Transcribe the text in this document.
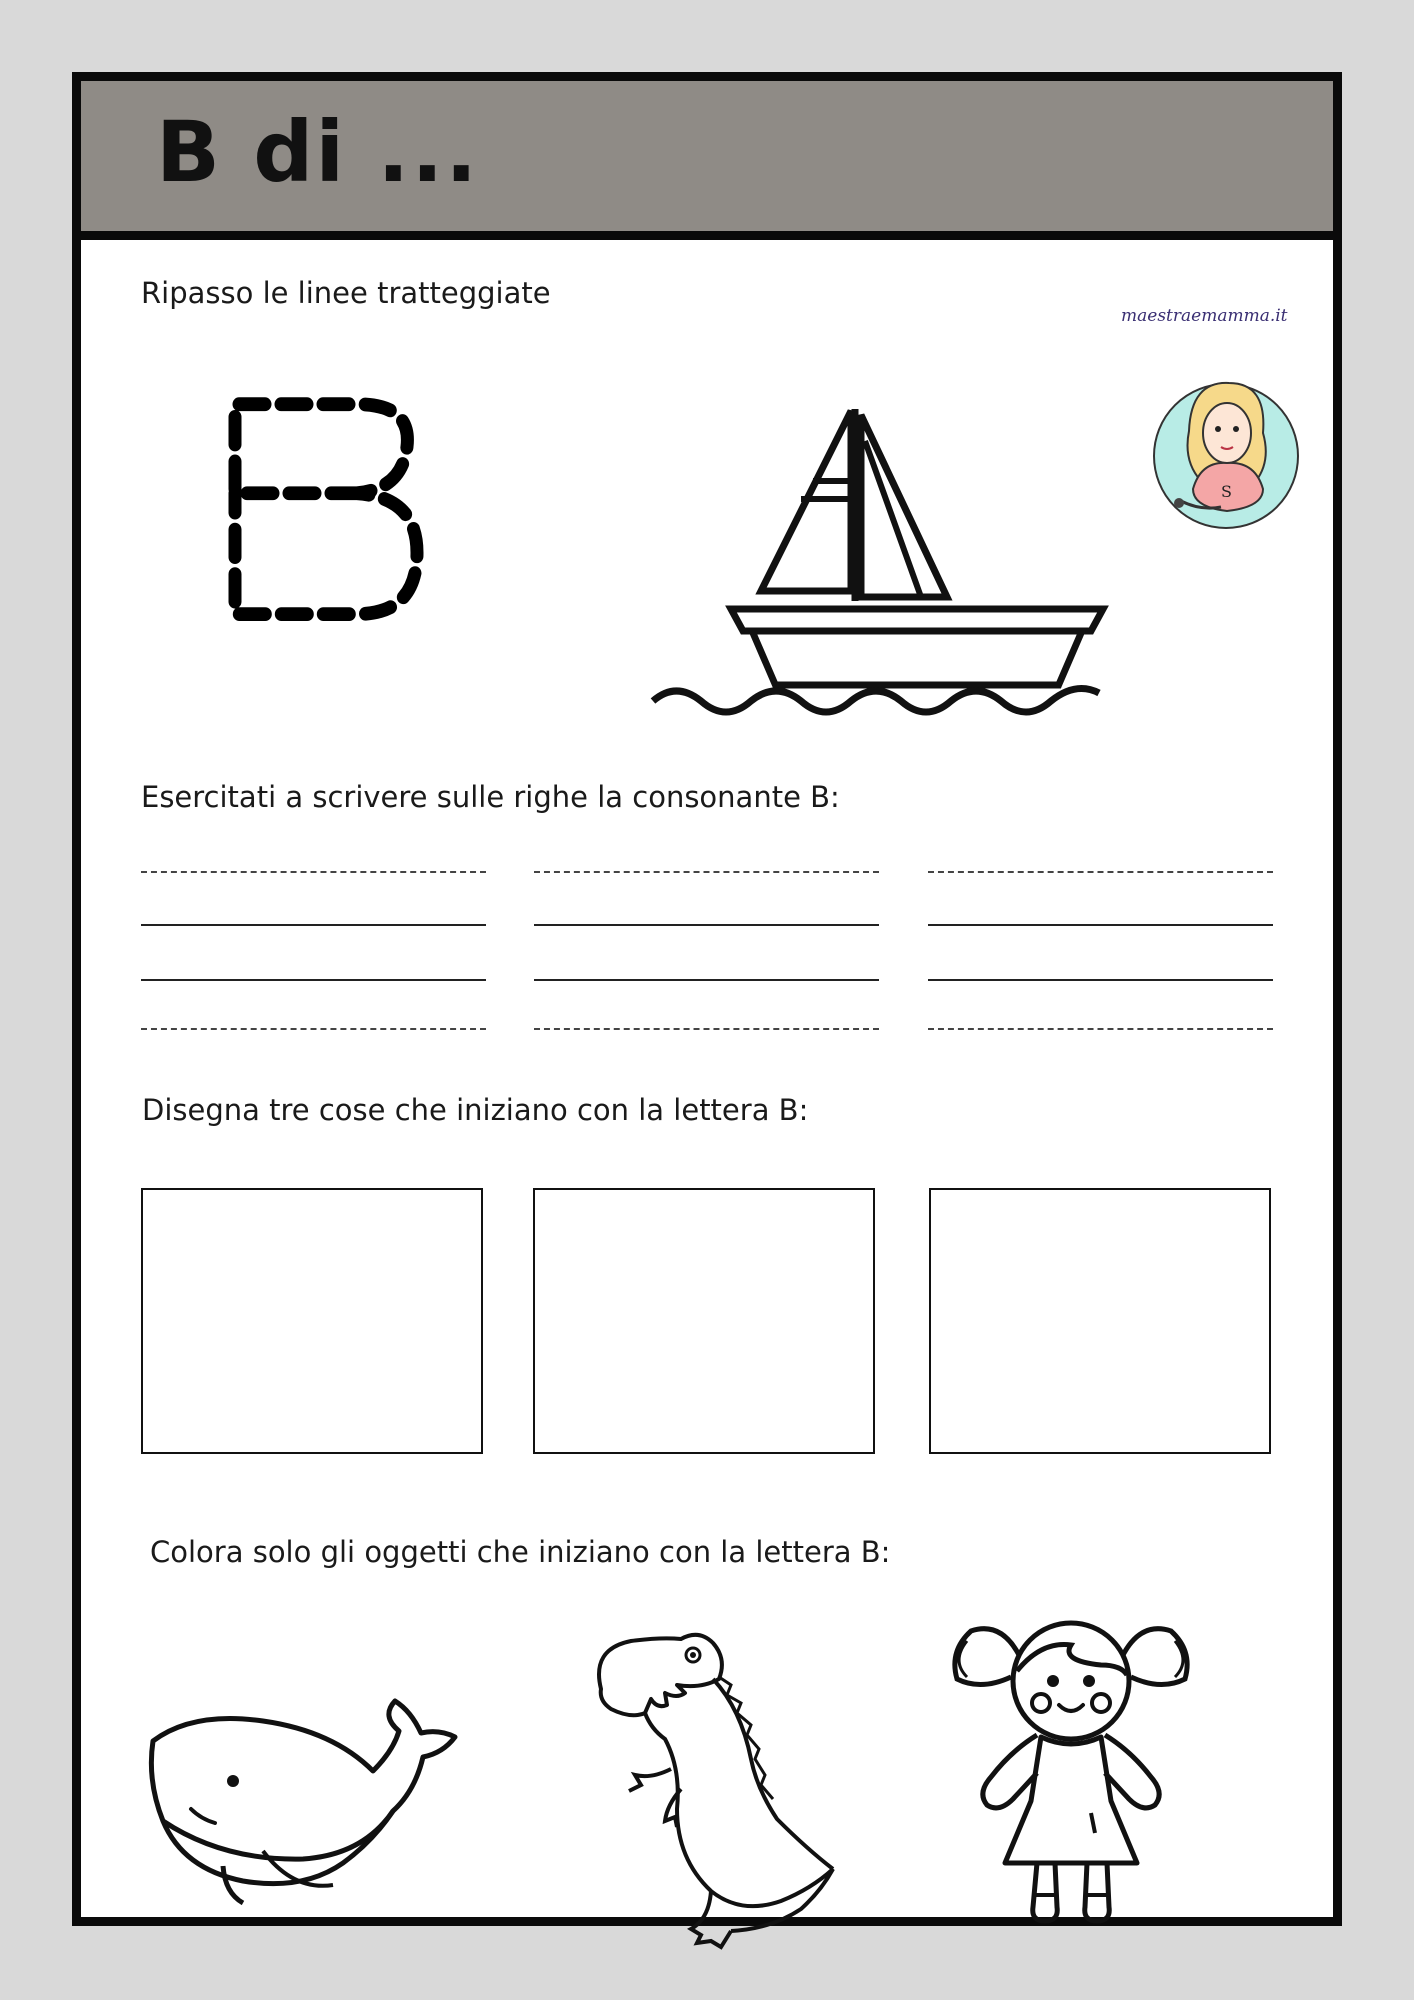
B di ...
Ripasso le linee tratteggiate
maestraemamma.it
S
Esercitati a scrivere sulle righe la consonante B:
Disegna tre cose che iniziano con la lettera B:
Colora solo gli oggetti che iniziano con la lettera B:
